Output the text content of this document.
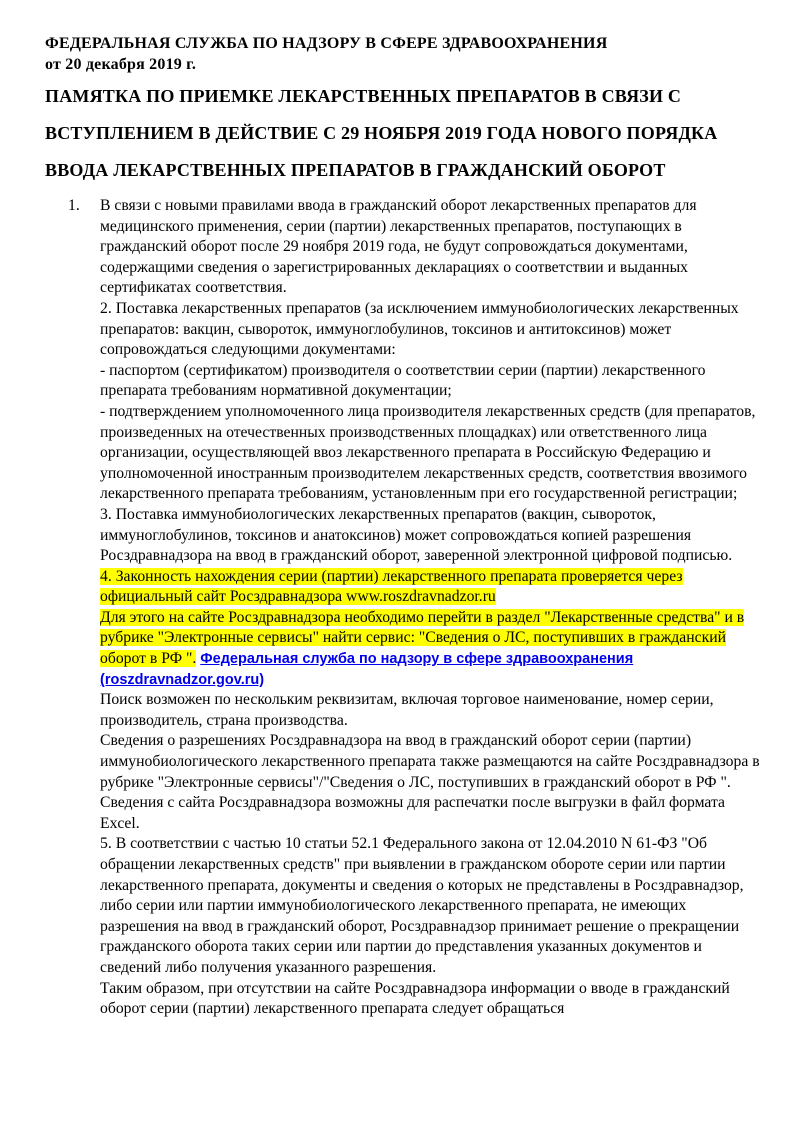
ФЕДЕРАЛЬНАЯ СЛУЖБА ПО НАДЗОРУ В СФЕРЕ ЗДРАВООХРАНЕНИЯ
от 20 декабря 2019 г.
ПАМЯТКА ПО ПРИЕМКЕ ЛЕКАРСТВЕННЫХ ПРЕПАРАТОВ В СВЯЗИ С
ВСТУПЛЕНИЕМ В ДЕЙСТВИЕ С 29 НОЯБРЯ 2019 ГОДА НОВОГО ПОРЯДКА
ВВОДА ЛЕКАРСТВЕННЫХ ПРЕПАРАТОВ В ГРАЖДАНСКИЙ ОБОРОТ
1. В связи с новыми правилами ввода в гражданский оборот лекарственных препаратов для медицинского применения, серии (партии) лекарственных препаратов, поступающих в гражданский оборот после 29 ноября 2019 года, не будут сопровождаться документами, содержащими сведения о зарегистрированных декларациях о соответствии и выданных сертификатах соответствия.

2. Поставка лекарственных препаратов (за исключением иммунобиологических лекарственных препаратов: вакцин, сывороток, иммуноглобулинов, токсинов и антитоксинов) может сопровождаться следующими документами:

- паспортом (сертификатом) производителя о соответствии серии (партии) лекарственного препарата требованиям нормативной документации;

- подтверждением уполномоченного лица производителя лекарственных средств (для препаратов, произведенных на отечественных производственных площадках) или ответственного лица организации, осуществляющей ввоз лекарственного препарата в Российскую Федерацию и уполномоченной иностранным производителем лекарственных средств, соответствия ввозимого лекарственного препарата требованиям, установленным при его государственной регистрации;

3. Поставка иммунобиологических лекарственных препаратов (вакцин, сывороток, иммуноглобулинов, токсинов и анатоксинов) может сопровождаться копией разрешения Росздравнадзора на ввод в гражданский оборот, заверенной электронной цифровой подписью.

4. Законность нахождения серии (партии) лекарственного препарата проверяется через официальный сайт Росздравнадзора www.roszdravnadzor.ru
Для этого на сайте Росздравнадзора необходимо перейти в раздел "Лекарственные средства" и в рубрике "Электронные сервисы" найти сервис: "Сведения о ЛС, поступивших в гражданский оборот в РФ ". Федеральная служба по надзору в сфере здравоохранения (roszdravnadzor.gov.ru)

Поиск возможен по нескольким реквизитам, включая торговое наименование, номер серии, производитель, страна производства.

Сведения о разрешениях Росздравнадзора на ввод в гражданский оборот серии (партии) иммунобиологического лекарственного препарата также размещаются на сайте Росздравнадзора в рубрике "Электронные сервисы"/"Сведения о ЛС, поступивших в гражданский оборот в РФ ".

Сведения с сайта Росздравнадзора возможны для распечатки после выгрузки в файл формата Excel.

5. В соответствии с частью 10 статьи 52.1 Федерального закона от 12.04.2010 N 61-ФЗ "Об обращении лекарственных средств" при выявлении в гражданском обороте серии или партии лекарственного препарата, документы и сведения о которых не представлены в Росздравнадзор, либо серии или партии иммунобиологического лекарственного препарата, не имеющих разрешения на ввод в гражданский оборот, Росздравнадзор принимает решение о прекращении гражданского оборота таких серии или партии до представления указанных документов и сведений либо получения указанного разрешения.

Таким образом, при отсутствии на сайте Росздравнадзора информации о вводе в гражданский оборот серии (партии) лекарственного препарата следует обращаться
